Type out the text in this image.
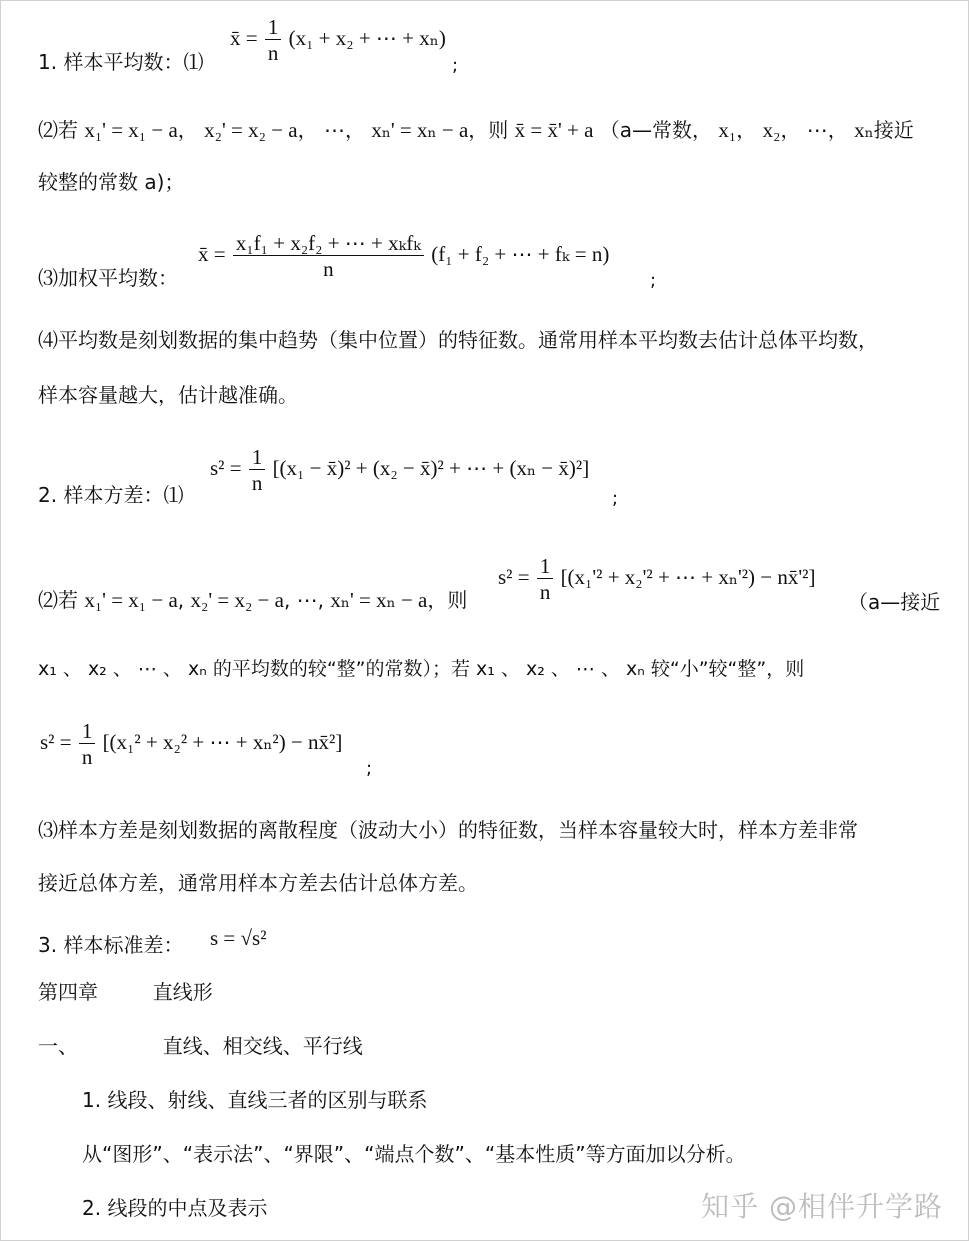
1. 样本平均数：⑴
x̄ = $\frac{1}{n} (x_1 + x_2$ + ⋯ + xₙ)
;
⑵若 x₁' = x₁ − a， x₂' = x₂ − a， ⋯， xₙ' = xₙ − a，则 x̄ = x̄' + a （a—常数， x₁， x₂， ⋯， xₙ接近
较整的常数 a)；
⑶加权平均数：
x̄ = $\frac{\text{x₁f₁ + x₂f₂ + ⋯ + xₖfₖ}}{n} (f_1 + f_2$ + ⋯ + fₖ = n)
;
⑷平均数是刻划数据的集中趋势（集中位置）的特征数。通常用样本平均数去估计总体平均数，
样本容量越大，估计越准确。
2. 样本方差：⑴
$s^2 = \frac{1}{n} [(x_1$ − x̄)² + (x₂ − x̄)² + ⋯ + (xₙ − x̄)²]
;
⑵若 x₁' = x₁ − a, x₂' = x₂ − a, ⋯, xₙ' = xₙ − a，则
$s^2 = \frac{1}{n} [(x_1'^2 + x_2'^2$ + ⋯ + xₙ'²) − nx̄'²]
（a—接近
x₁ 、 x₂ 、 ⋯ 、 xₙ 的平均数的较“整”的常数）；若 x₁ 、 x₂ 、 ⋯ 、 xₙ 较“小”较“整”，则
$s^2 = \frac{1}{n} [(x_1^2 + x_2^2$ + ⋯ + xₙ²) − nx̄²]
;
⑶样本方差是刻划数据的离散程度（波动大小）的特征数，当样本容量较大时，样本方差非常
接近总体方差，通常用样本方差去估计总体方差。
3. 样本标准差： s = √s²
第四章	直线形
一、	直线、相交线、平行线
1. 线段、射线、直线三者的区别与联系
从“图形”、“表示法”、“界限”、“端点个数”、“基本性质”等方面加以分析。
2. 线段的中点及表示	知乎 @相伴升学路
